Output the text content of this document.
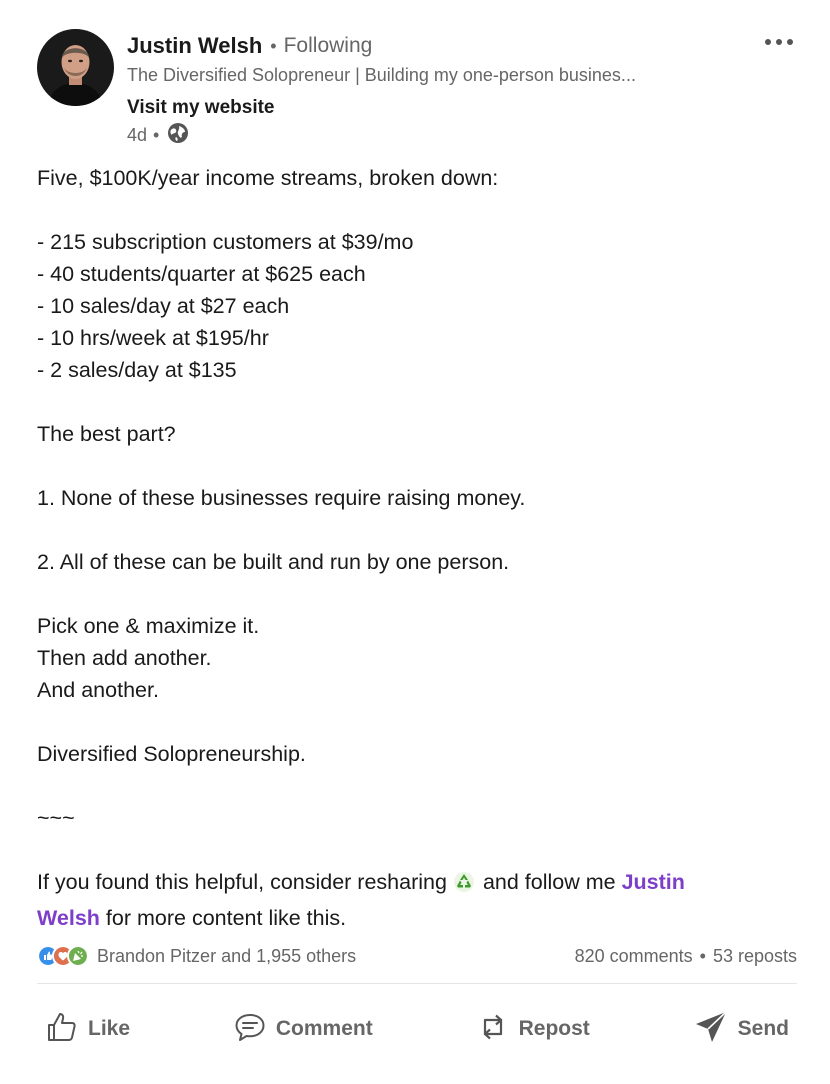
Justin Welsh • Following
The Diversified Solopreneur | Building my one-person busines...
Visit my website
4d •

Five, $100K/year income streams, broken down:

- 215 subscription customers at $39/mo

- 40 students/quarter at $625 each

- 10 sales/day at $27 each

- 10 hrs/week at $195/hr

- 2 sales/day at $135

The best part?

1. None of these businesses require raising money.

2. All of these can be built and run by one person.

Pick one & maximize it.

Then add another.

And another.

Diversified Solopreneurship.

~~~

If you found this helpful, consider resharing and follow me Justin
Welsh for more content like this.

Brandon Pitzer and 1,955 others	820 comments • 53 reposts
Like	Comment	Repost	Send
